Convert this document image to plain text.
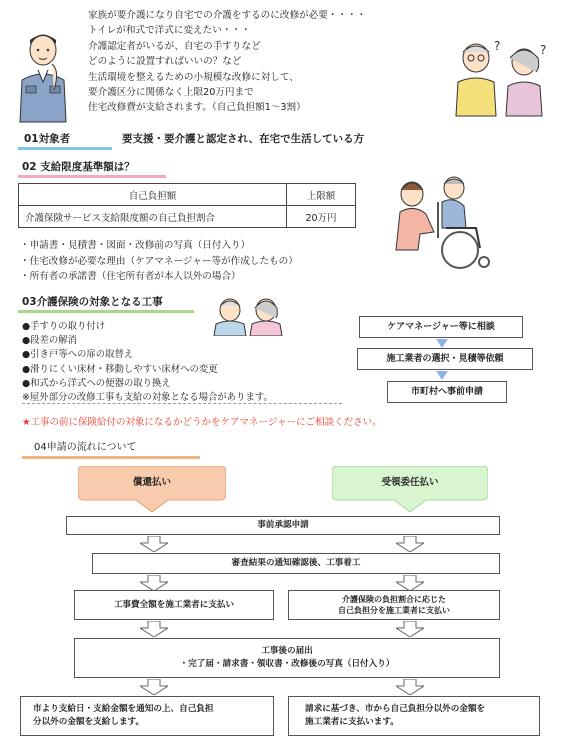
?	?
家族が要介護になり自宅での介護をするのに改修が必要・・・・
トイレが和式で洋式に変えたい・・・
介護認定者がいるが、自宅の手すりなど
どのように設置すればいいの？など
生活環境を整えるための小規模な改修に対して、
要介護区分に関係なく上限20万円まで
住宅改修費が支給されます。（自己負担額1～3割）
01対象者	要支援・要介護と認定され、在宅で生活している方
02 支給限度基準額は？
自己負担額	上限額
介護保険サービス支給限度額の自己負担割合	20万円
・申請書・見積書・図面・改修前の写真（日付入り）
・住宅改修が必要な理由（ケアマネージャー等が作成したもの）
・所有者の承諾書（住宅所有者が本人以外の場合）
03介護保険の対象となる工事
●手すりの取り付け
●段差の解消
●引き戸等への扉の取替え
●滑りにくい床材・移動しやすい床材への変更
●和式から洋式への便器の取り換え
※屋外部分の改修工事も支給の対象となる場合があります。
ケアマネージャー等に相談
施工業者の選択・見積等依頼
市町村へ事前申請
★工事の前に保険給付の対象になるかどうかをケアマネージャーにご相談ください。
04申請の流れについて
償還払い	受領委任払い
事前承認申請
審査結果の通知確認後、工事着工
工事費全額を施工業者に支払い	介護保険の負担割合に応じた
自己負担分を施工業者に支払い
工事後の届出
・完了届・請求書・領収書・改修後の写真（日付入り）
市より支給日・支給金額を通知の上、自己負担
分以外の金額を支給します。
請求に基づき、市から自己負担分以外の金額を
施工業者に支払います。
